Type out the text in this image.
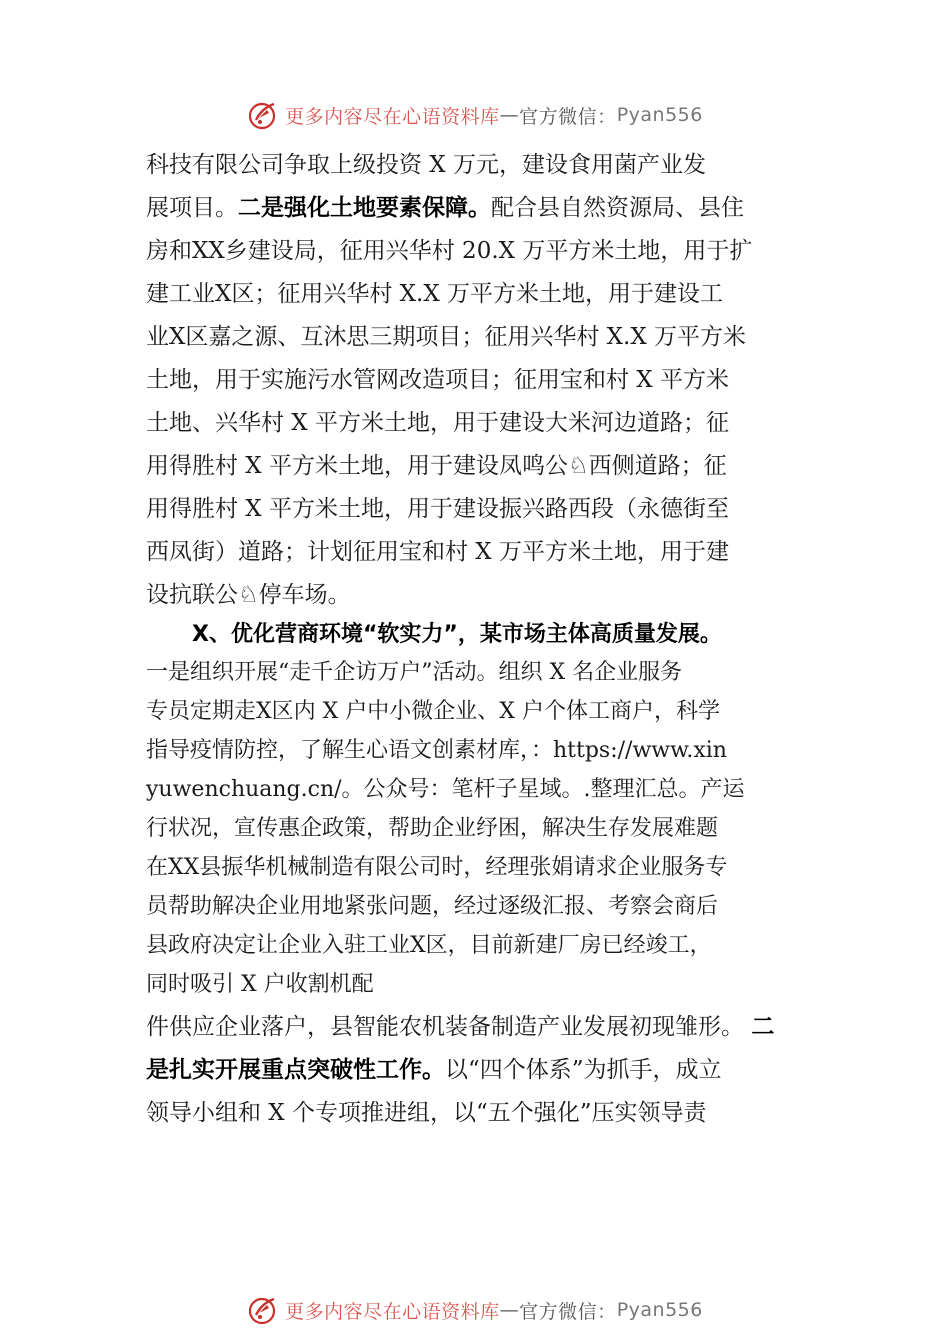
更多内容尽在心语资料库 — 官方微信： Pyan556
科技有限公司争取上级投资 X 万元，建设食用菌产业发
展项目。二是强化土地要素保障。配合县自然资源局、县住
房和XX乡建设局，征用兴华村 20.X 万平方米土地，用于扩
建工业X区；征用兴华村 X.X 万平方米土地，用于建设工
业X区嘉之源、互沐思三期项目；征用兴华村 X.X 万平方米
土地，用于实施污水管网改造项目；征用宝和村 X 平方米
土地、兴华村 X 平方米土地，用于建设大米河边道路；征
用得胜村 X 平方米土地，用于建设凤鸣公♘西侧道路；征
用得胜村 X 平方米土地，用于建设振兴路西段（永德街至
西凤街）道路；计划征用宝和村 X 万平方米土地，用于建
设抗联公♘停车场。
X、优化营商环境“软实力”，某市场主体高质量发展。
一是组织开展“走千企访万户”活动。组织 X 名企业服务
专员定期走X区内 X 户中小微企业、X 户个体工商户，科学
指导疫情防控，了解生心语文创素材库，：https://www.xin
yuwenchuang.cn/。公众号：笔杆子星域。.整理汇总。产运
行状况，宣传惠企政策，帮助企业纾困，解决生存发展难题
在XX县振华机械制造有限公司时，经理张娟请求企业服务专
员帮助解决企业用地紧张问题，经过逐级汇报、考察会商后
县政府决定让企业入驻工业X区，目前新建厂房已经竣工，
同时吸引 X 户收割机配
件供应企业落户，县智能农机装备制造产业发展初现雏形。 二
是扎实开展重点突破性工作。以“四个体系”为抓手，成立
领导小组和 X 个专项推进组，以“五个强化”压实领导责
更多内容尽在心语资料库 — 官方微信： Pyan556
